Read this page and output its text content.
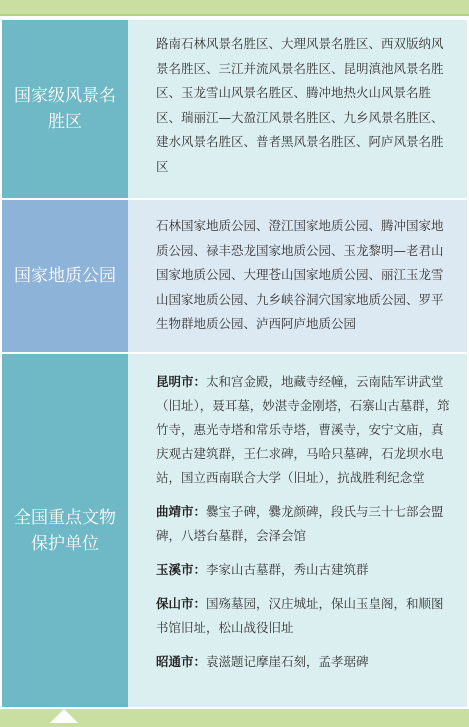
国家级风景名胜区
路南石林风景名胜区、大理风景名胜区、西双版纳风景名胜区、三江并流风景名胜区、昆明滇池风景名胜区、玉龙雪山风景名胜区、腾冲地热火山风景名胜区、瑞丽江—大盈江风景名胜区、九乡风景名胜区、建水风景名胜区、普者黑风景名胜区、阿庐风景名胜区
国家地质公园
石林国家地质公园、澄江国家地质公园、腾冲国家地质公园、禄丰恐龙国家地质公园、玉龙黎明—老君山国家地质公园、大理苍山国家地质公园、丽江玉龙雪山国家地质公园、九乡峡谷洞穴国家地质公园、罗平生物群地质公园、泸西阿庐地质公园
全国重点文物保护单位
昆明市：太和宫金殿，地藏寺经幢，云南陆军讲武堂（旧址），聂耳墓，妙湛寺金刚塔，石寨山古墓群，筇竹寺，惠光寺塔和常乐寺塔，曹溪寺，安宁文庙，真庆观古建筑群，王仁求碑，马哈只墓碑，石龙坝水电站，国立西南联合大学（旧址），抗战胜利纪念堂
曲靖市：爨宝子碑，爨龙颜碑，段氏与三十七部会盟碑，八塔台墓群，会泽会馆
玉溪市：李家山古墓群，秀山古建筑群
保山市：国殇墓园，汉庄城址，保山玉皇阁，和顺图书馆旧址，松山战役旧址
昭通市：袁滋题记摩崖石刻，孟孝琚碑
